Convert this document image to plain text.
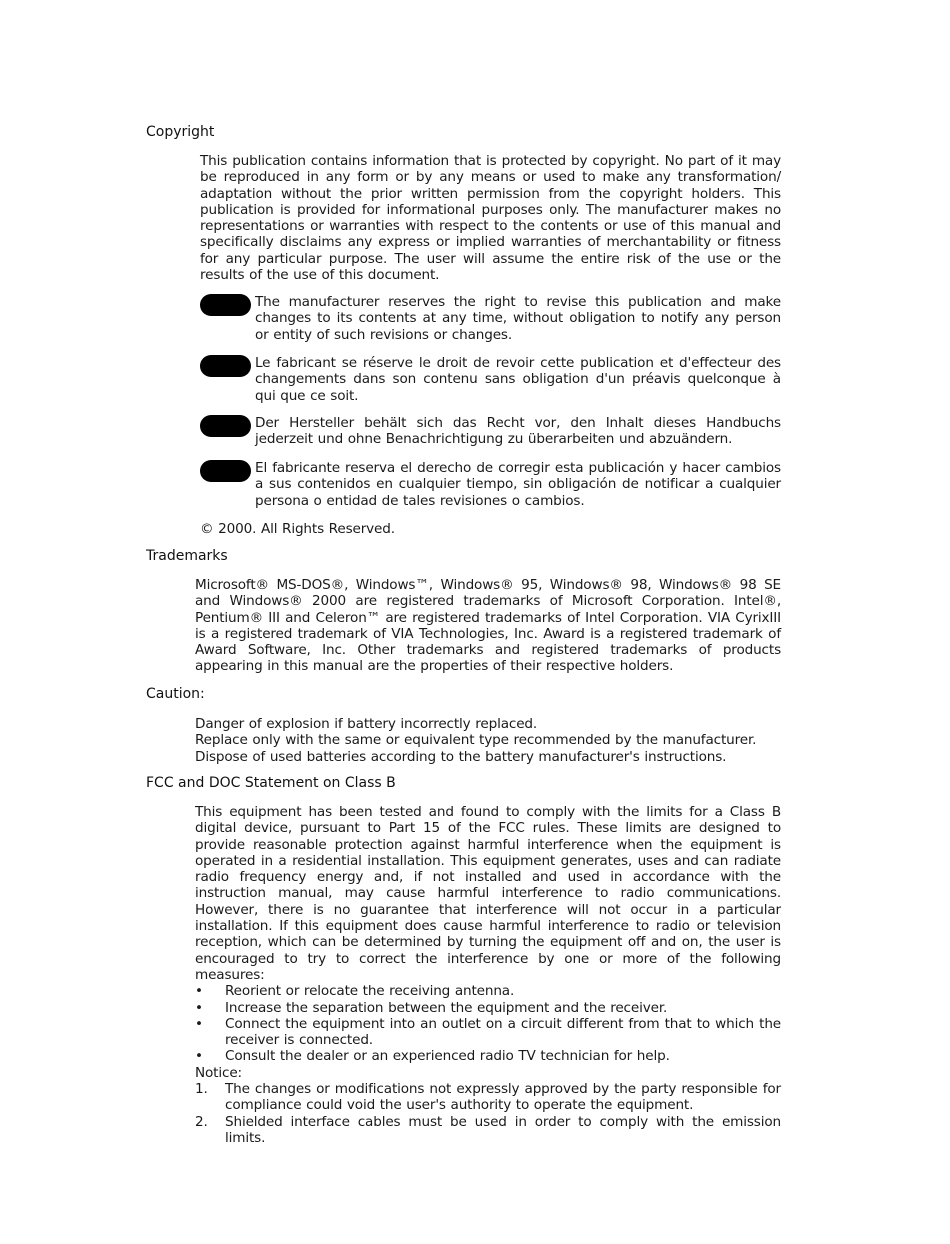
Copyright

This publication contains information that is protected by copyright. No part of it may be reproduced in any form or by any means or used to make any transformation/ adaptation without the prior written permission from the copyright holders. This publication is provided for informational purposes only. The manufacturer makes no representations or warranties with respect to the contents or use of this manual and specifically disclaims any express or implied warranties of merchantability or fitness for any particular purpose. The user will assume the entire risk of the use or the results of the use of this document.

The manufacturer reserves the right to revise this publication and make changes to its contents at any time, without obligation to notify any person or entity of such revisions or changes.
Le fabricant se réserve le droit de revoir cette publication et d'effecteur des changements dans son contenu sans obligation d'un préavis quelconque à qui que ce soit.
Der Hersteller behält sich das Recht vor, den Inhalt dieses Handbuchs jederzeit und ohne Benachrichtigung zu überarbeiten und abzuändern.
El fabricante reserva el derecho de corregir esta publicación y hacer cambios a sus contenidos en cualquier tiempo, sin obligación de notificar a cualquier persona o entidad de tales revisiones o cambios.
© 2000. All Rights Reserved.
Trademarks
Microsoft® MS-DOS®, Windows™, Windows® 95, Windows® 98, Windows® 98 SE and Windows® 2000 are registered trademarks of Microsoft Corporation. Intel®, Pentium® III and Celeron™ are registered trademarks of Intel Corporation. VIA CyrixIII is a registered trademark of VIA Technologies, Inc. Award is a registered trademark of Award Software, Inc. Other trademarks and registered trademarks of products appearing in this manual are the properties of their respective holders.
Caution:
Danger of explosion if battery incorrectly replaced.
Replace only with the same or equivalent type recommended by the manufacturer.
Dispose of used batteries according to the battery manufacturer's instructions.
FCC and DOC Statement on Class B

This equipment has been tested and found to comply with the limits for a Class B digital device, pursuant to Part 15 of the FCC rules. These limits are designed to provide reasonable protection against harmful interference when the equipment is operated in a residential installation. This equipment generates, uses and can radiate radio frequency energy and, if not installed and used in accordance with the instruction manual, may cause harmful interference to radio communications. However, there is no guarantee that interference will not occur in a particular installation. If this equipment does cause harmful interference to radio or television reception, which can be determined by turning the equipment off and on, the user is encouraged to try to correct the interference by one or more of the following measures:

• Reorient or relocate the receiving antenna.
• Increase the separation between the equipment and the receiver.
• Connect the equipment into an outlet on a circuit different from that to which the receiver is connected.
• Consult the dealer or an experienced radio TV technician for help.
Notice:
1. The changes or modifications not expressly approved by the party responsible for compliance could void the user's authority to operate the equipment.
2. Shielded interface cables must be used in order to comply with the emission limits.
